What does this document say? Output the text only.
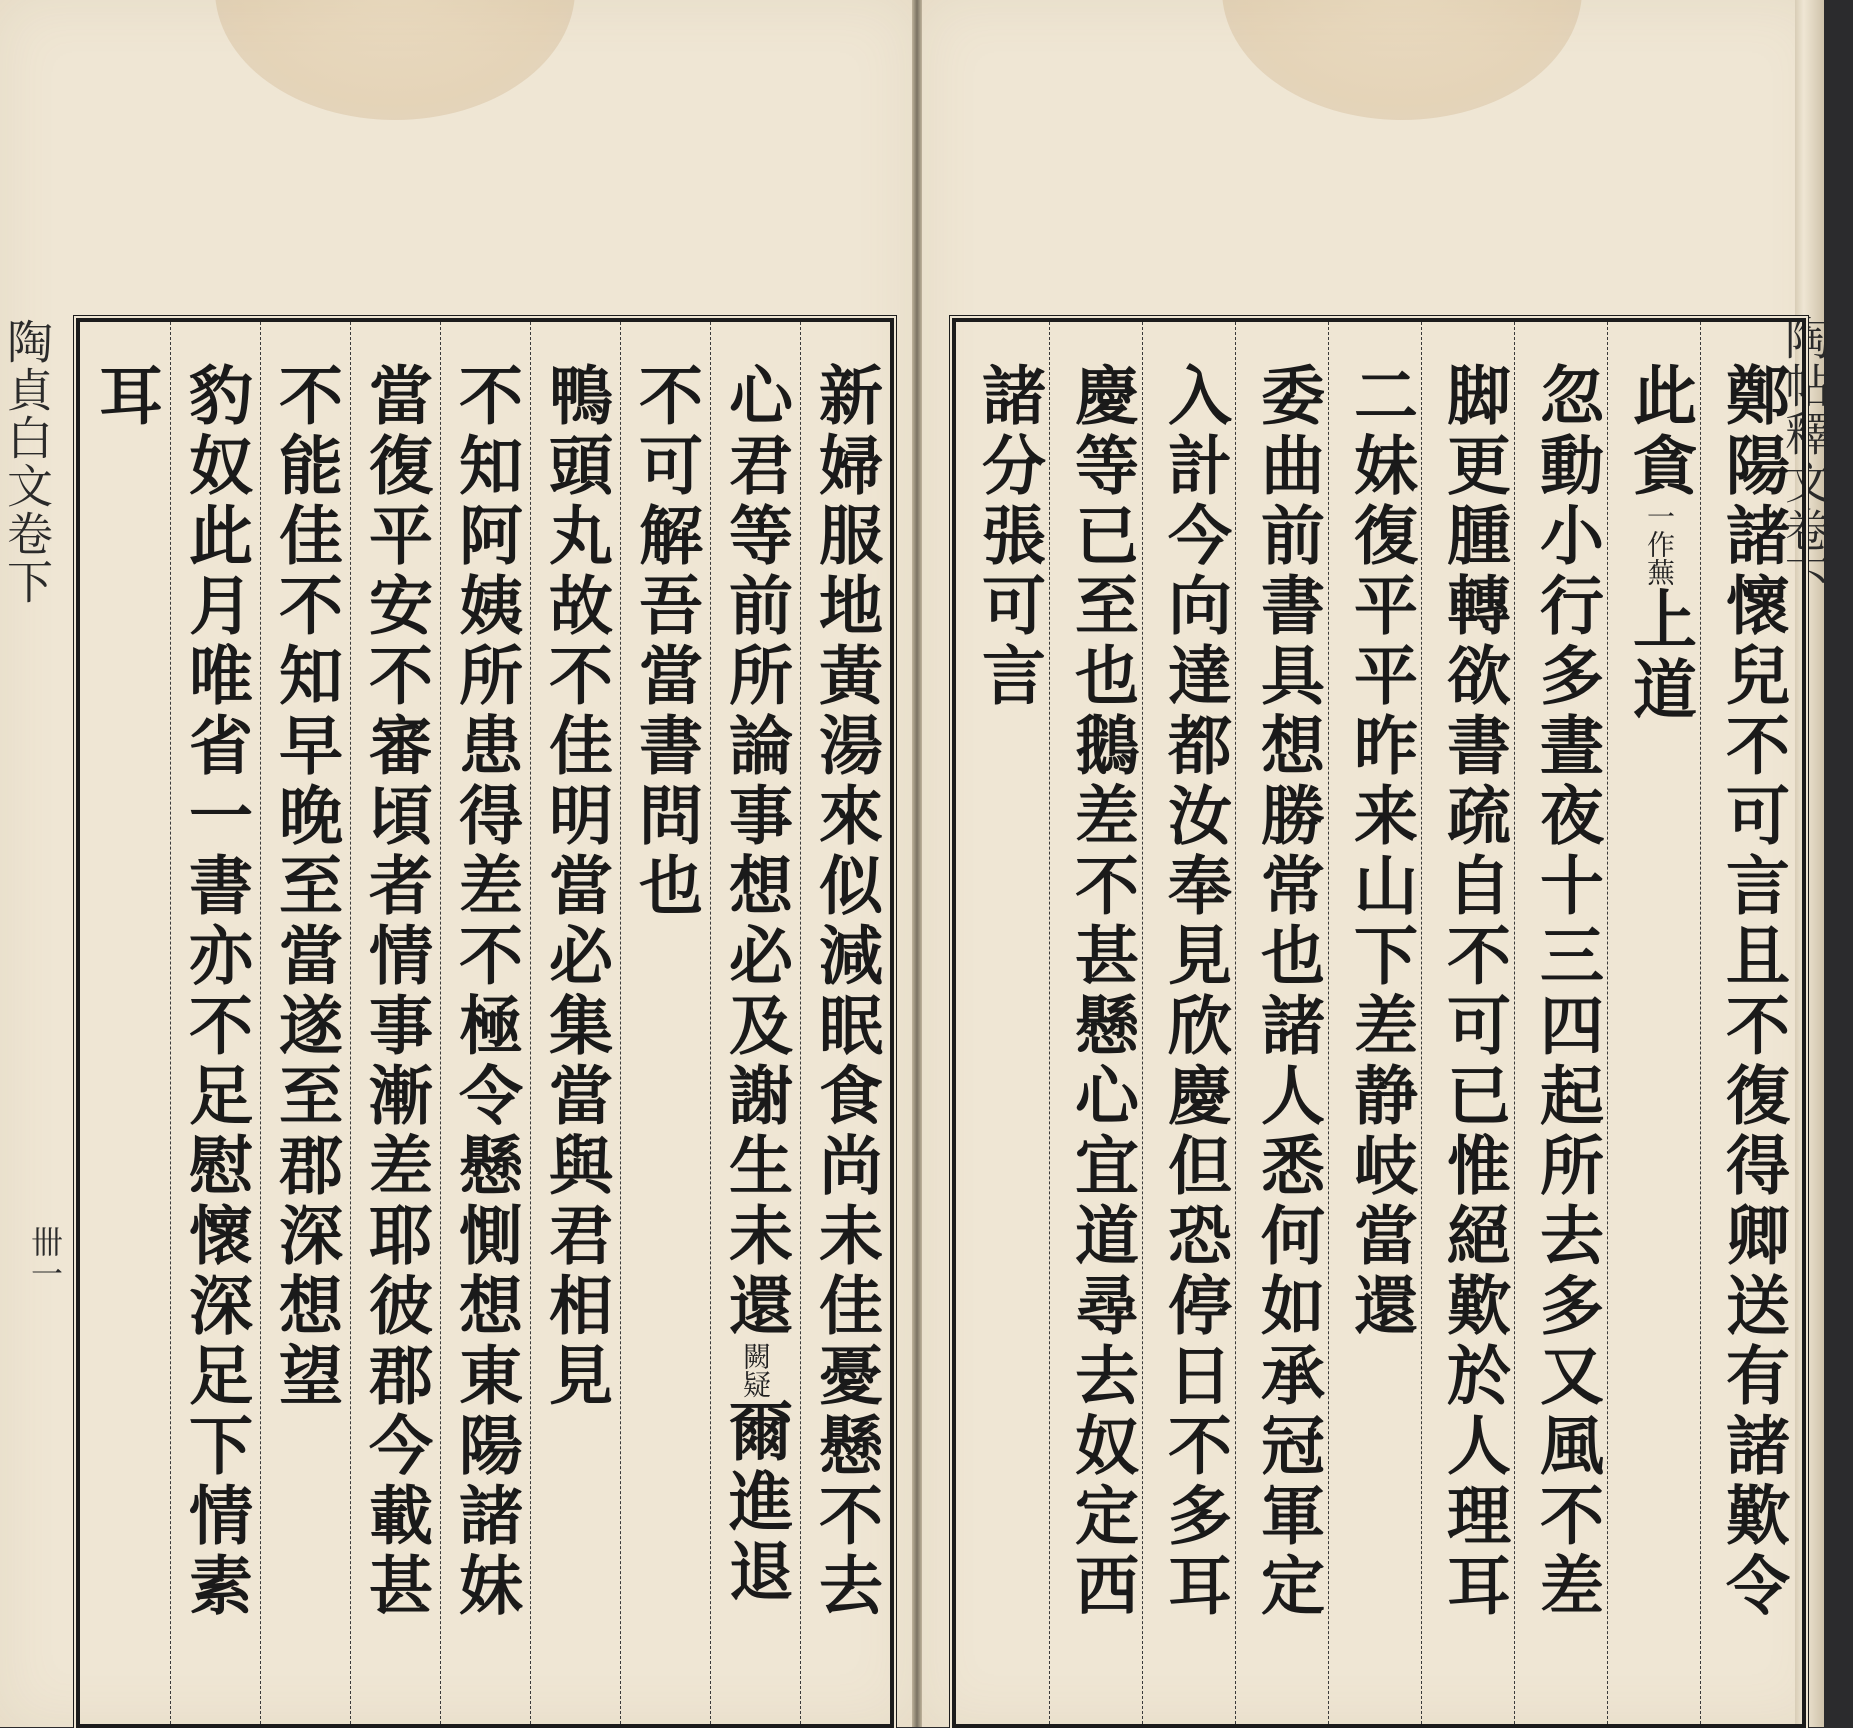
陶貞白文卷下
卌一	新婦服地黃湯來似減眠食尚未佳憂懸不去
心君等前所論事想必及謝生未還闕疑爾進退
不可解吾當書問也
鴨頭丸故不佳明當必集當與君相見
不知阿姨所患得差不極令懸惻想東陽諸妹
當復平安不審頃者情事漸差耶彼郡今載甚
不能佳不知早晚至當遂至郡深想望
豹奴此月唯省一書亦不足慰懷深足下情素
耳	陶帖釋文卷下
鄭陽諸懷兒不可言且不復得卿送有諸歎令
此貪一作蕪上道
忽動小行多晝夜十三四起所去多又風不差
脚更腫轉欲書疏自不可已惟絕歎於人理耳
二妹復平平昨来山下差静岐當還
委曲前書具想勝常也諸人悉何如承冠軍定
入計今向達都汝奉見欣慶但恐停日不多耳
慶等已至也鵝差不甚懸心宜道尋去奴定西
諸分張可言
